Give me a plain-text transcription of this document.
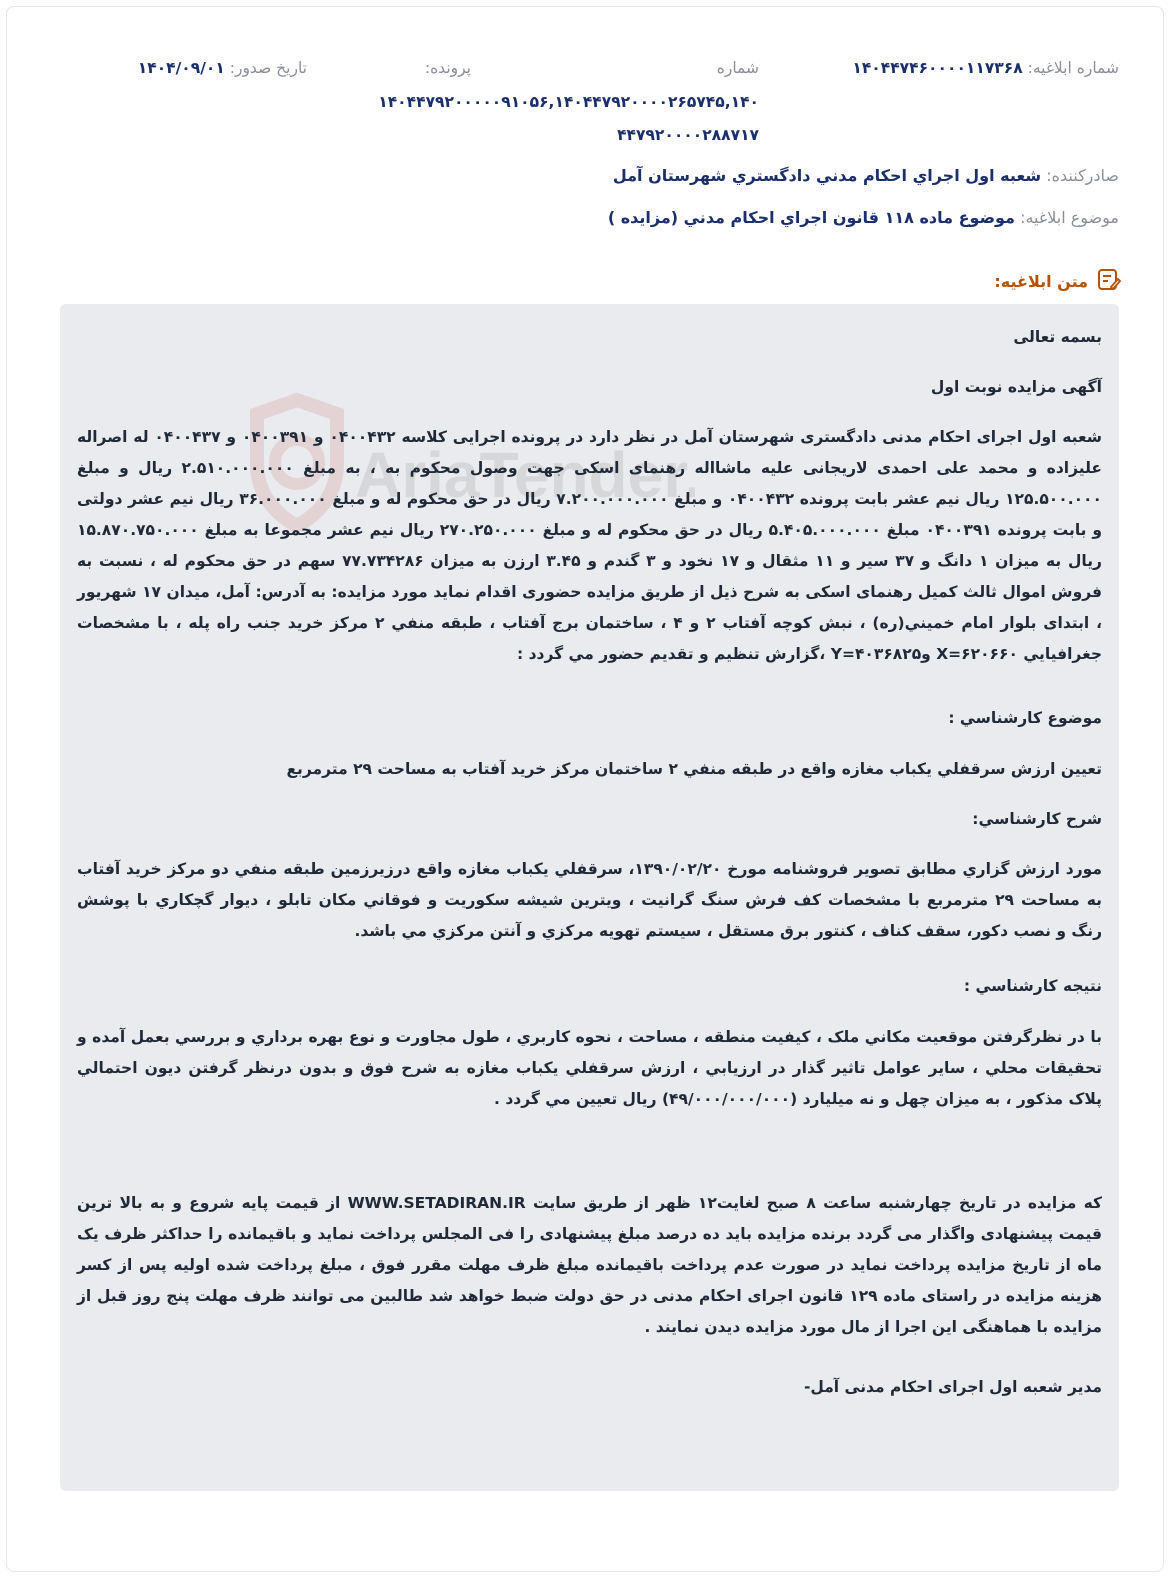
شماره ابلاغیه: ۱۴۰۴۴۷۴۶۰۰۰۰۱۱۷۳۶۸
شماره
پرونده:
تاریخ صدور: ۱۴۰۴/۰۹/۰۱
۱۴۰۴۴۷۹۲۰۰۰۰۰۹۱۰۵۶,۱۴۰۴۴۷۹۲۰۰۰۰۲۶۵۷۴۵,۱۴۰
۴۴۷۹۲۰۰۰۰۲۸۸۷۱۷
صادرکننده: شعبه اول اجراي احکام مدني دادگستري شهرستان آمل
موضوع ابلاغیه: موضوع ماده ۱۱۸ قانون اجراي احکام مدني (مزايده )
متن ابلاغیه:
AriaTender
بسمه تعالی
آگهی مزایده نوبت اول
شعبه اول اجرای احکام مدنی دادگستری شهرستان آمل در نظر دارد در پرونده اجرایی کلاسه ۰۴۰۰۴۳۲ و ۰۴۰۰۳۹۱ و ۰۴۰۰۴۳۷ له اصراله علیزاده و محمد علی احمدی لاریجانی علیه ماشااله رهنمای اسکی جهت وصول محکوم به ، به مبلغ ۲.۵۱۰.۰۰۰.۰۰۰ ریال و مبلغ ۱۲۵.۵۰۰.۰۰۰ ریال نیم عشر بابت پرونده ۰۴۰۰۴۳۲ و مبلغ ۷.۲۰۰.۰۰۰.۰۰۰ ریال در حق محکوم له و مبلغ ۳۶.۰۰۰.۰۰۰ ریال نیم عشر دولتی و بابت پرونده ۰۴۰۰۳۹۱ مبلغ ۵.۴۰۵.۰۰۰.۰۰۰ ریال در حق محکوم له و مبلغ ۲۷۰.۲۵۰.۰۰۰ ریال نیم عشر مجموعا به مبلغ ۱۵.۸۷۰.۷۵۰.۰۰۰ ریال به میزان ۱ دانگ و ۳۷ سیر و ۱۱ مثقال و ۱۷ نخود و ۳ گندم و ۳.۴۵ ارزن به میزان ۷۷.۷۳۴۲۸۶ سهم در حق محکوم له ، نسبت به فروش اموال ثالث کمیل رهنمای اسکی به شرح ذیل از طریق مزایده حضوری اقدام نماید مورد مزایده: به آدرس: آمل، میدان ۱۷ شهریور ، ابتدای بلوار امام خميني(ره) ، نبش کوچه آفتاب ۲ و ۴ ، ساختمان برج آفتاب ، طبقه منفي ۲ مرکز خريد جنب راه پله ، با مشخصات جغرافيايي ۶۲۰۶۶۰=X و۴۰۳۶۸۲۵=Y ،گزارش تنظيم و تقديم حضور مي گردد :
موضوع کارشناسي :
تعيين ارزش سرقفلي يکباب مغازه واقع در طبقه منفي ۲ ساختمان مرکز خريد آفتاب به مساحت ۲۹ مترمربع
شرح کارشناسي:
مورد ارزش گزاري مطابق تصوير فروشنامه مورخ ۱۳۹۰/۰۲/۲۰، سرقفلي يکباب مغازه واقع درزيرزمين طبقه منفي دو مرکز خريد آفتاب به مساحت ۲۹ مترمربع با مشخصات کف فرش سنگ گرانيت ، ويترين شيشه سکوريت و فوقاني مکان تابلو ، ديوار گچکاري با پوشش رنگ و نصب دکور، سقف کناف ، کنتور برق مستقل ، سيستم تهويه مرکزي و آنتن مرکزي مي باشد.
نتيجه کارشناسي :
با در نظرگرفتن موقعيت مکاني ملک ، کيفيت منطقه ، مساحت ، نحوه کاربري ، طول مجاورت و نوع بهره برداري و بررسي بعمل آمده و تحقيقات محلي ، ساير عوامل تاثير گذار در ارزيابي ، ارزش سرقفلي يکباب مغازه به شرح فوق و بدون درنظر گرفتن ديون احتمالي پلاک مذکور ، به ميزان چهل و نه ميليارد (۴۹/۰۰۰/۰۰۰/۰۰۰) ريال تعيين مي گردد .
که مزایده در تاریخ چهارشنبه ساعت ۸ صبح لغایت۱۲ ظهر از طریق سایت WWW.SETADIRAN.IR از قیمت پایه شروع و به بالا ترین قیمت پیشنهادی واگذار می گردد برنده مزایده باید ده درصد مبلغ پیشنهادی را فی المجلس پرداخت نماید و باقیمانده را حداکثر ظرف یک ماه از تاریخ مزایده پرداخت نماید در صورت عدم پرداخت باقیمانده مبلغ ظرف مهلت مقرر فوق ، مبلغ پرداخت شده اولیه پس از کسر هزینه مزایده در راستای ماده ۱۲۹ قانون اجرای احکام مدنی در حق دولت ضبط خواهد شد طالبین می توانند ظرف مهلت پنج روز قبل از مزایده با هماهنگی این اجرا از مال مورد مزایده دیدن نمایند .
مدیر شعبه اول اجرای احکام مدنی آمل-
